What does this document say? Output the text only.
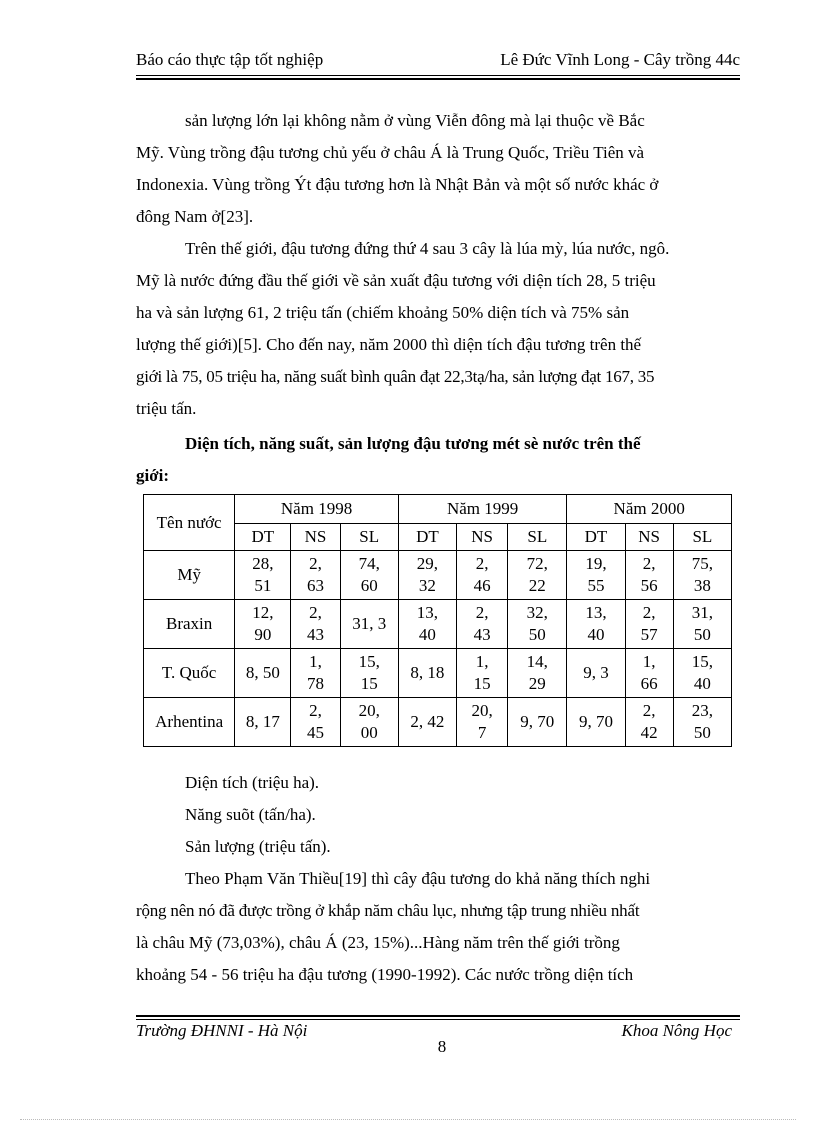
Báo cáo thực tập tốt nghiệp	Lê Đức Vĩnh Long - Cây trồng 44c
sản lượng lớn lại không nằm ở vùng Viễn đông mà lại thuộc về Bắc
Mỹ. Vùng trồng đậu tương chủ yếu ở châu Á là Trung Quốc, Triều Tiên và
Indonexia. Vùng trồng Ýt đậu tương hơn là Nhật Bản và một số nước khác ở
đông Nam ở[23].
Trên thế giới, đậu tương đứng thứ 4 sau 3 cây là lúa mỳ, lúa nước, ngô.
Mỹ là nước đứng đầu thế giới về sản xuất đậu tương với diện tích 28, 5 triệu
ha và sản lượng 61, 2 triệu tấn (chiếm khoảng 50% diện tích và 75% sản
lượng thế giới)[5]. Cho đến nay, năm 2000 thì diện tích đậu tương trên thế
giới là 75, 05 triệu ha, năng suất bình quân đạt 22,3tạ/ha, sản lượng đạt 167, 35
triệu tấn.
Diện tích, năng suất, sản lượng đậu tương mét sè nước trên thế
giới:
Tên nước	Năm 1998			Năm 1999			Năm 2000		
	DT	NS	SL	DT	NS	SL	DT	NS	SL
Mỹ	28,
51	2,
63	74,
60	29,
32	2,
46	72,
22	19,
55	2,
56	75,
38
Braxin	12,
90	2,
43	31, 3	13,
40	2,
43	32,
50	13,
40	2,
57	31,
50
T. Quốc	8, 50	1,
78	15,
15	8, 18	1,
15	14,
29	9, 3	1,
66	15,
40
Arhentina	8, 17	2,
45	20,
00	2, 42	20,
7	9, 70	9, 70	2,
42	23,
50
Diện tích (triệu ha).
Năng suõt (tấn/ha).
Sản lượng (triệu tấn).
Theo Phạm Văn Thiều[19] thì cây đậu tương do khả năng thích nghi
rộng nên nó đã được trồng ở khắp năm châu lục, nhưng tập trung nhiều nhất
là châu Mỹ (73,03%), châu Á (23, 15%)...Hàng năm trên thế giới trồng
khoảng 54 - 56 triệu ha đậu tương (1990-1992). Các nước trồng diện tích
Trường ĐHNNI - Hà Nội	Khoa Nông Học
8
